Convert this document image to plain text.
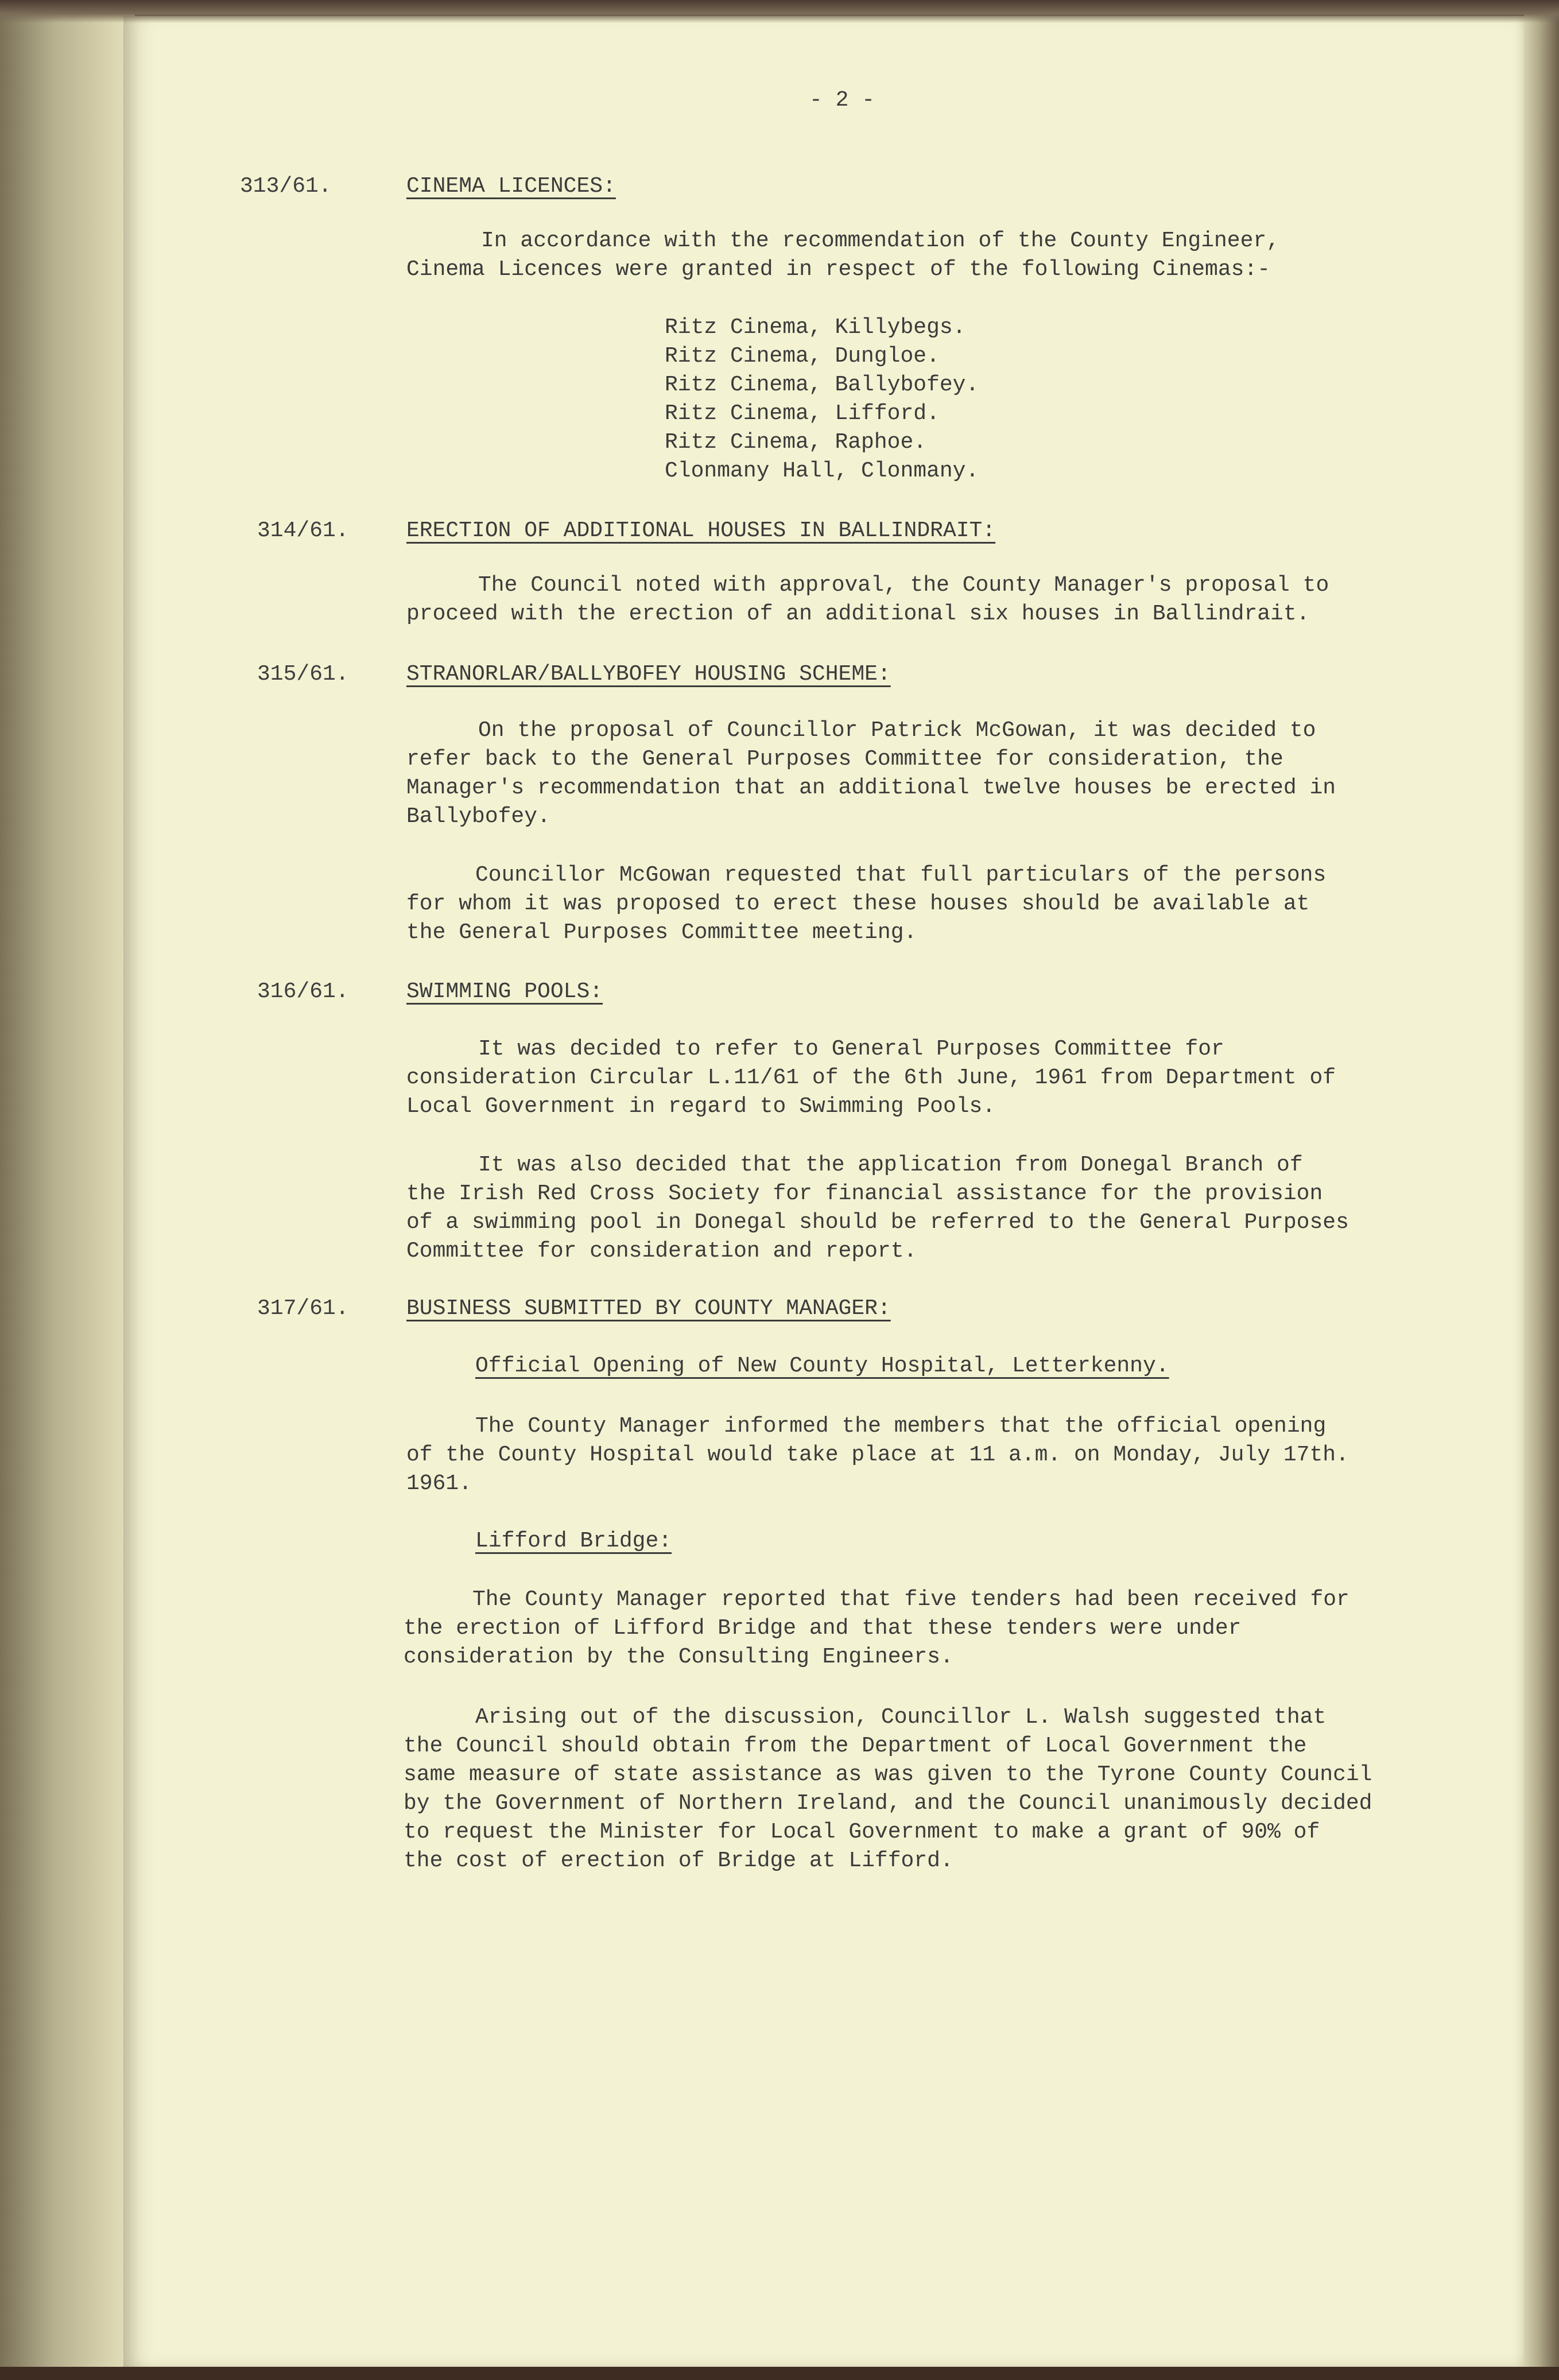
- 2 -
313/61.	CINEMA LICENCES:
In accordance with the recommendation of the County Engineer,
Cinema Licences were granted in respect of the following Cinemas:-
Ritz Cinema, Killybegs.
Ritz Cinema, Dungloe.
Ritz Cinema, Ballybofey.
Ritz Cinema, Lifford.
Ritz Cinema, Raphoe.
Clonmany Hall, Clonmany.
314/61.	ERECTION OF ADDITIONAL HOUSES IN BALLINDRAIT:
The Council noted with approval, the County Manager's proposal to
proceed with the erection of an additional six houses in Ballindrait.
315/61.	STRANORLAR/BALLYBOFEY HOUSING SCHEME:
On the proposal of Councillor Patrick McGowan, it was decided to
refer back to the General Purposes Committee for consideration, the
Manager's recommendation that an additional twelve houses be erected in
Ballybofey.
Councillor McGowan requested that full particulars of the persons
for whom it was proposed to erect these houses should be available at
the General Purposes Committee meeting.
316/61.	SWIMMING POOLS:
It was decided to refer to General Purposes Committee for
consideration Circular L.11/61 of the 6th June, 1961 from Department of
Local Government in regard to Swimming Pools.
It was also decided that the application from Donegal Branch of
the Irish Red Cross Society for financial assistance for the provision
of a swimming pool in Donegal should be referred to the General Purposes
Committee for consideration and report.
317/61.	BUSINESS SUBMITTED BY COUNTY MANAGER:
Official Opening of New County Hospital, Letterkenny.
The County Manager informed the members that the official opening
of the County Hospital would take place at 11 a.m. on Monday, July 17th.
1961.
Lifford Bridge:
The County Manager reported that five tenders had been received for
the erection of Lifford Bridge and that these tenders were under
consideration by the Consulting Engineers.
Arising out of the discussion, Councillor L. Walsh suggested that
the Council should obtain from the Department of Local Government the
same measure of state assistance as was given to the Tyrone County Council
by the Government of Northern Ireland, and the Council unanimously decided
to request the Minister for Local Government to make a grant of 90% of
the cost of erection of Bridge at Lifford.
